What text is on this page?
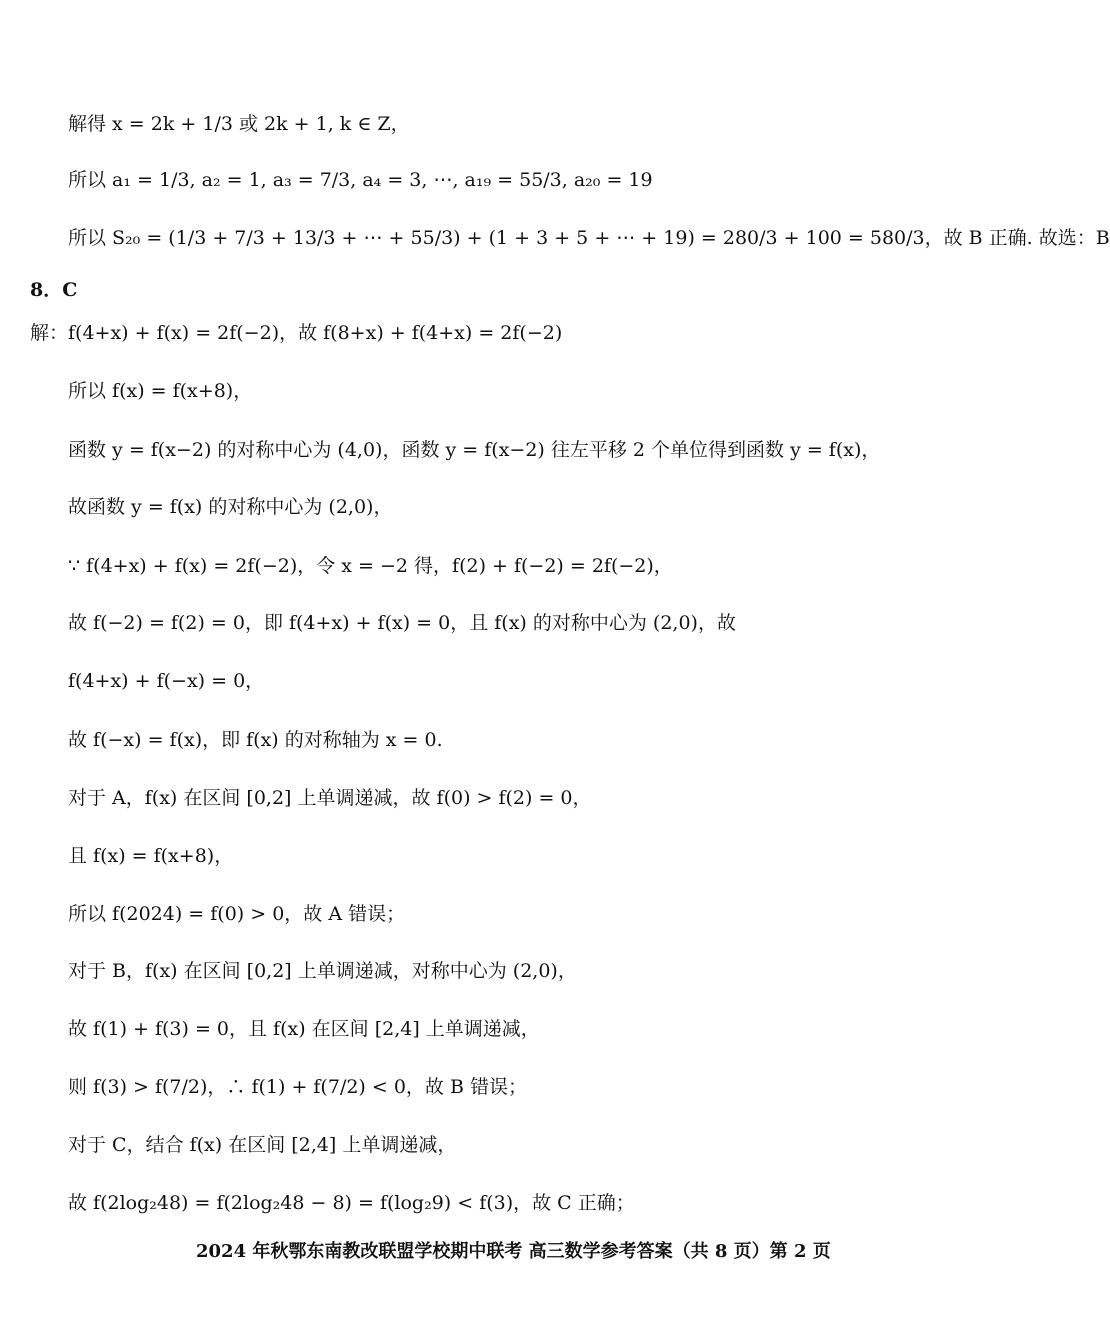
解得 x = 2k + 1/3 或 2k + 1, k ∈ Z，
所以 a₁ = 1/3, a₂ = 1, a₃ = 7/3, a₄ = 3, ⋯, a₁₉ = 55/3, a₂₀ = 19
所以 S₂₀ = (1/3 + 7/3 + 13/3 + ⋯ + 55/3) + (1 + 3 + 5 + ⋯ + 19) = 280/3 + 100 = 580/3，故 B 正确. 故选：B
8．C
解：f(4+x) + f(x) = 2f(−2)，故 f(8+x) + f(4+x) = 2f(−2)
所以 f(x) = f(x+8)，
函数 y = f(x−2) 的对称中心为 (4,0)，函数 y = f(x−2) 往左平移 2 个单位得到函数 y = f(x)，
故函数 y = f(x) 的对称中心为 (2,0)，
∵ f(4+x) + f(x) = 2f(−2)，令 x = −2 得，f(2) + f(−2) = 2f(−2)，
故 f(−2) = f(2) = 0，即 f(4+x) + f(x) = 0，且 f(x) 的对称中心为 (2,0)，故
f(4+x) + f(−x) = 0，
故 f(−x) = f(x)，即 f(x) 的对称轴为 x = 0.
对于 A，f(x) 在区间 [0,2] 上单调递减，故 f(0) > f(2) = 0，
且 f(x) = f(x+8)，
所以 f(2024) = f(0) > 0，故 A 错误；
对于 B，f(x) 在区间 [0,2] 上单调递减，对称中心为 (2,0)，
故 f(1) + f(3) = 0，且 f(x) 在区间 [2,4] 上单调递减，
则 f(3) > f(7/2)，∴ f(1) + f(7/2) < 0，故 B 错误；
对于 C，结合 f(x) 在区间 [2,4] 上单调递减，
故 f(2log₂48) = f(2log₂48 − 8) = f(log₂9) < f(3)，故 C 正确；
2024 年秋鄂东南教改联盟学校期中联考 高三数学参考答案（共 8 页）第 2 页
